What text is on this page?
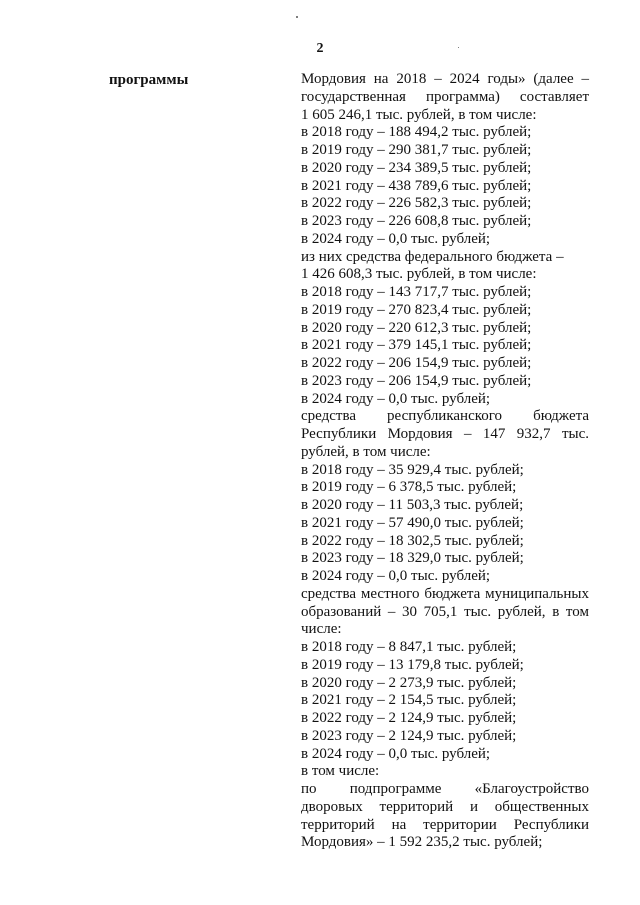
2
программы	Мордовия на 2018 – 2024 годы» (далее –
государственная программа) составляет
1 605 246,1 тыс. рублей, в том числе:
в 2018 году – 188 494,2 тыс. рублей;
в 2019 году – 290 381,7 тыс. рублей;
в 2020 году – 234 389,5 тыс. рублей;
в 2021 году – 438 789,6 тыс. рублей;
в 2022 году – 226 582,3 тыс. рублей;
в 2023 году – 226 608,8 тыс. рублей;
в 2024 году – 0,0 тыс. рублей;
из них средства федерального бюджета –
1 426 608,3 тыс. рублей, в том числе:
в 2018 году – 143 717,7 тыс. рублей;
в 2019 году – 270 823,4 тыс. рублей;
в 2020 году – 220 612,3 тыс. рублей;
в 2021 году – 379 145,1 тыс. рублей;
в 2022 году – 206 154,9 тыс. рублей;
в 2023 году – 206 154,9 тыс. рублей;
в 2024 году – 0,0 тыс. рублей;
средства республиканского бюджета
Республики Мордовия – 147 932,7 тыс.
рублей, в том числе:
в 2018 году – 35 929,4 тыс. рублей;
в 2019 году – 6 378,5 тыс. рублей;
в 2020 году – 11 503,3 тыс. рублей;
в 2021 году – 57 490,0 тыс. рублей;
в 2022 году – 18 302,5 тыс. рублей;
в 2023 году – 18 329,0 тыс. рублей;
в 2024 году – 0,0 тыс. рублей;
средства местного бюджета муниципальных
образований – 30 705,1 тыс. рублей, в том
числе:
в 2018 году – 8 847,1 тыс. рублей;
в 2019 году – 13 179,8 тыс. рублей;
в 2020 году – 2 273,9 тыс. рублей;
в 2021 году – 2 154,5 тыс. рублей;
в 2022 году – 2 124,9 тыс. рублей;
в 2023 году – 2 124,9 тыс. рублей;
в 2024 году – 0,0 тыс. рублей;
в том числе:
по подпрограмме «Благоустройство
дворовых территорий и общественных
территорий на территории Республики
Мордовия» – 1 592 235,2 тыс. рублей;
